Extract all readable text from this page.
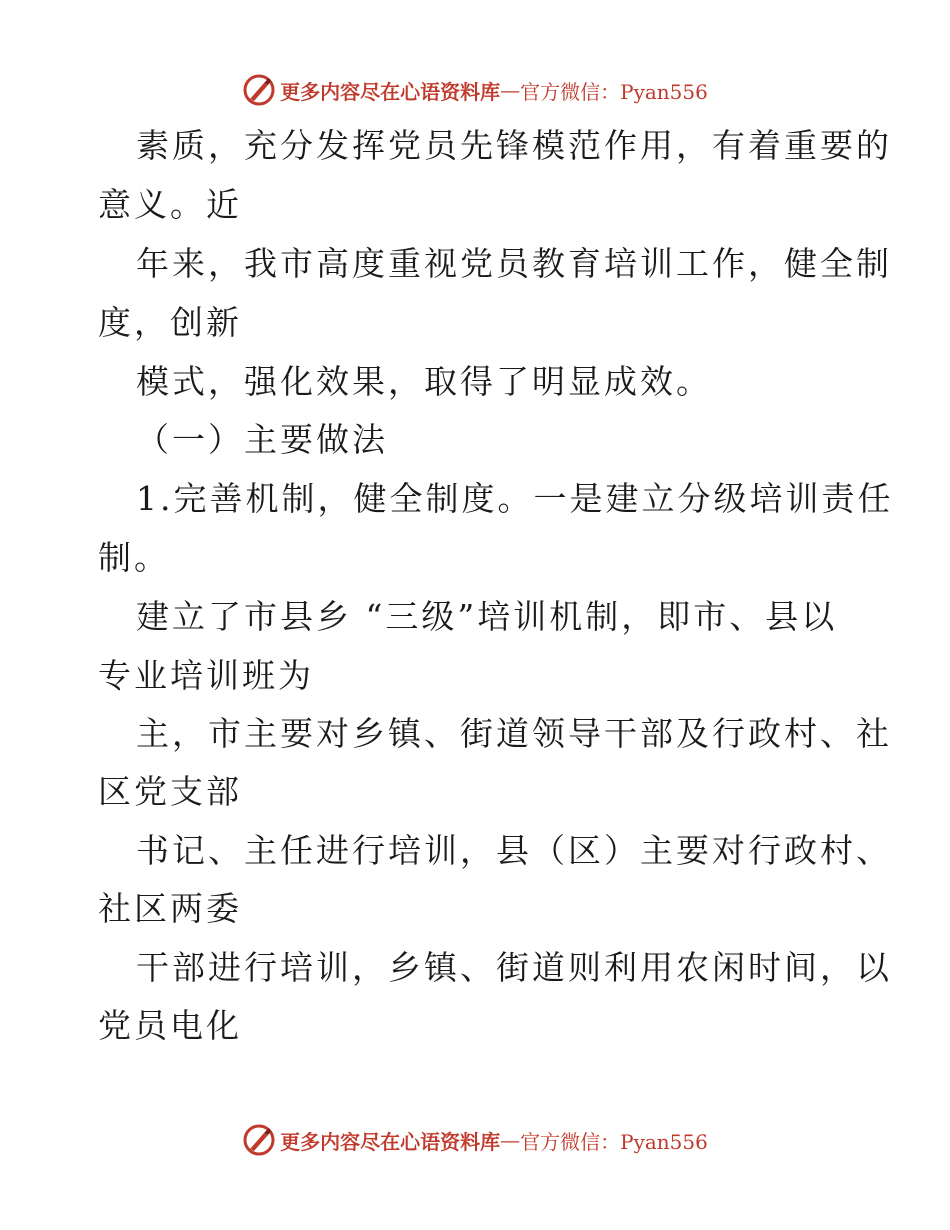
更多内容尽在心语资料库 — 官方微信：Pyan556
素质，充分发挥党员先锋模范作用，有着重要的
意义。近
年来，我市高度重视党员教育培训工作，健全制
度，创新
模式，强化效果，取得了明显成效。
（一）主要做法
1.完善机制，健全制度。一是建立分级培训责任
制。
建立了市县乡 “三级”培训机制，即市、县以
专业培训班为
主，市主要对乡镇、街道领导干部及行政村、社
区党支部
书记、主任进行培训，县（区）主要对行政村、
社区两委
干部进行培训，乡镇、街道则利用农闲时间，以
党员电化
更多内容尽在心语资料库 — 官方微信：Pyan556
